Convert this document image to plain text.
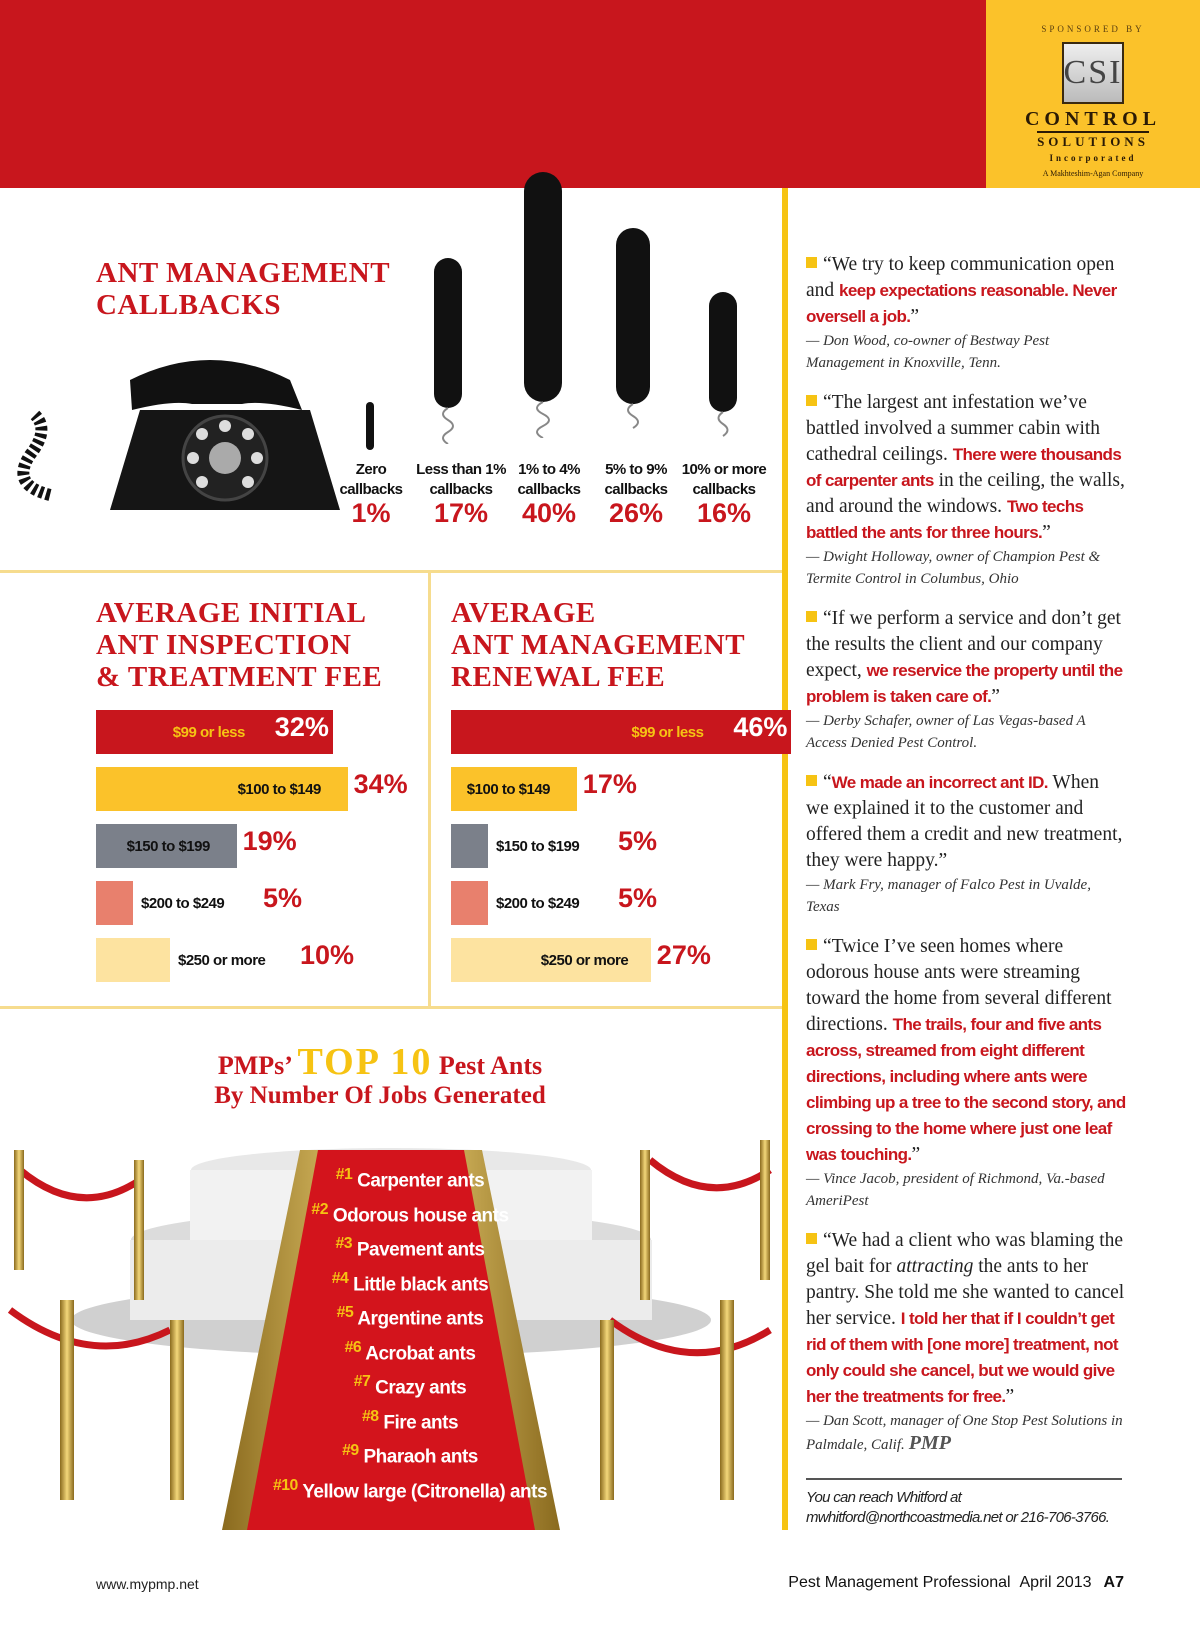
SPONSORED BY
CSI
CONTROL
SOLUTIONS
Incorporated
A Makhteshim-Agan Company
ANT MANAGEMENT
CALLBACKS
Zero
callbacks
1%
Less than 1%
callbacks
17%
1% to 4%
callbacks
40%
5% to 9%
callbacks
26%
10% or more
callbacks
16%
AVERAGE INITIAL
ANT INSPECTION
& TREATMENT FEE
$99 or less 32%
$100 to $149 34%
$150 to $199 19%
$200 to $249 5%
$250 or more 10%
AVERAGE
ANT MANAGEMENT
RENEWAL FEE
$99 or less 46%
$100 to $149 17%
$150 to $199 5%
$200 to $249 5%
$250 or more 27%
PMPs’ TOP 10 Pest Ants
By Number Of Jobs Generated
$^{\#1}$ Carpenter ants
$^{\#2}$ Odorous house ants
$^{\#3}$ Pavement ants
$^{\#4}$ Little black ants
$^{\#5}$ Argentine ants
$^{\#6}$ Acrobat ants
$^{\#7}$ Crazy ants
$^{\#8}$ Fire ants
$^{\#9}$ Pharaoh ants
$^{\#10}$ Yellow large (Citronella) ants
“We try to keep communication open and keep expectations reasonable. Never oversell a job.”
— Don Wood, co-owner of Bestway Pest Management in Knoxville, Tenn.
“The largest ant infestation we’ve battled involved a summer cabin with cathedral ceilings. There were thousands of carpenter ants in the ceiling, the walls, and around the windows. Two techs battled the ants for three hours.”
— Dwight Holloway, owner of Champion Pest & Termite Control in Columbus, Ohio
“If we perform a service and don’t get the results the client and our company expect, we reservice the property until the problem is taken care of.”
— Derby Schafer, owner of Las Vegas-based A Access Denied Pest Control.
“We made an incorrect ant ID. When we explained it to the customer and offered them a credit and new treatment, they were happy.”
— Mark Fry, manager of Falco Pest in Uvalde, Texas
“Twice I’ve seen homes where odorous house ants were streaming toward the home from several different directions. The trails, four and five ants across, streamed from eight different directions, including where ants were climbing up a tree to the second story, and crossing to the home where just one leaf was touching.”
— Vince Jacob, president of Richmond, Va.-based AmeriPest
“We had a client who was blaming the gel bait for attracting the ants to her pantry. She told me she wanted to cancel her service. I told her that if I couldn’t get rid of them with [one more] treatment, not only could she cancel, but we would give her the treatments for free.”
— Dan Scott, manager of One Stop Pest Solutions in Palmdale, Calif. PMP
You can reach Whitford at mwhitford@northcoastmedia.net or 216-706-3766.
www.mypmp.net	Pest Management Professional April 2013 A7
